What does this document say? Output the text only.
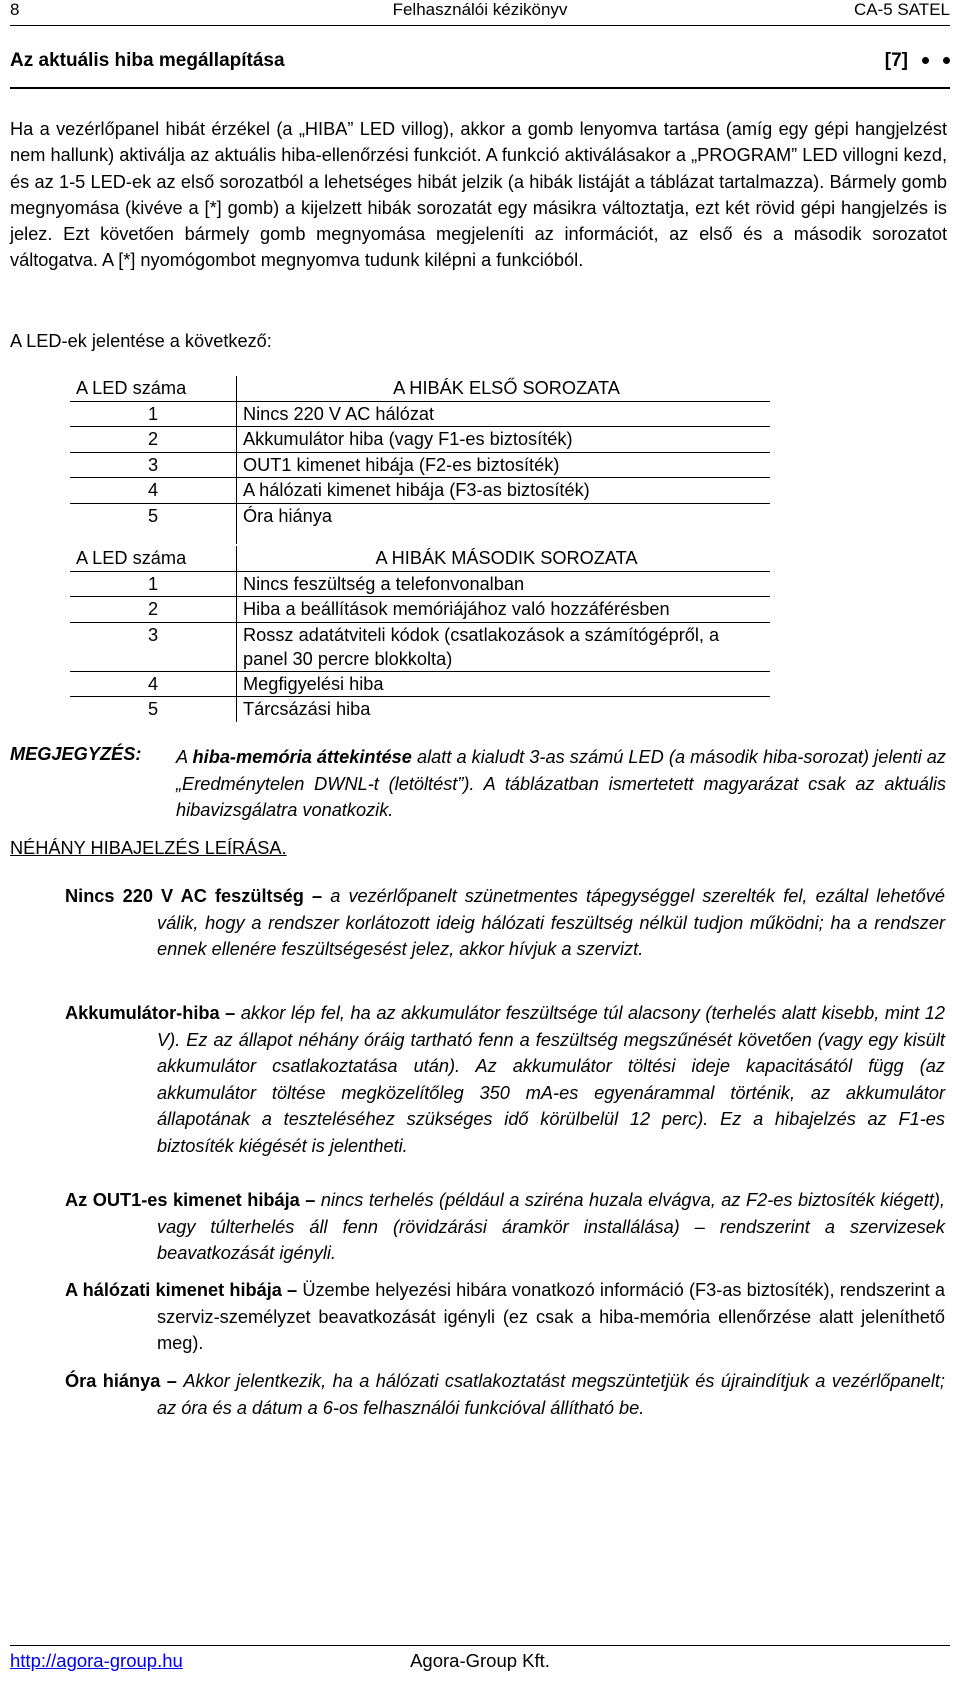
8	Felhasználói kézikönyv	CA-5 SATEL
Az aktuális hiba megállapítása	[7]
Ha a vezérlőpanel hibát érzékel (a „HIBA” LED villog), akkor a gomb lenyomva tartása (amíg egy gépi hangjelzést nem hallunk) aktiválja az aktuális hiba-ellenőrzési funkciót. A funkció aktiválásakor a „PROGRAM” LED villogni kezd, és az 1-5 LED-ek az első sorozatból a lehetséges hibát jelzik (a hibák listáját a táblázat tartalmazza). Bármely gomb megnyomása (kivéve a [*] gomb) a kijelzett hibák sorozatát egy másikra változtatja, ezt két rövid gépi hangjelzés is jelez. Ezt követően bármely gomb megnyomása megjeleníti az információt, az első és a második sorozatot váltogatva. A [*] nyomógombot megnyomva tudunk kilépni a funkcióból.
A LED-ek jelentése a következő:
A LED száma	A HIBÁK ELSŐ SOROZATA
1	Nincs 220 V AC hálózat
2	Akkumulátor hiba (vagy F1-es biztosíték)
3	OUT1 kimenet hibája (F2-es biztosíték)
4	A hálózati kimenet hibája (F3-as biztosíték)
5	Óra hiánya
A LED száma	A HIBÁK MÁSODIK SOROZATA
1	Nincs feszültség a telefonvonalban
2	Hiba a beállítások memóriájához való hozzáférésben
3	Rossz adatátviteli kódok (csatlakozások a számítógépről, a
panel 30 percre blokkolta)
4	Megfigyelési hiba
5	Tárcsázási hiba
MEGJEGYZÉS: A hiba-memória áttekintése alatt a kialudt 3-as számú LED (a második hiba-sorozat) jelenti az „Eredménytelen DWNL-t (letöltést”). A táblázatban ismertetett magyarázat csak az aktuális hibavizsgálatra vonatkozik.
NÉHÁNY HIBAJELZÉS LEÍRÁSA.
Nincs 220 V AC feszültség – a vezérlőpanelt szünetmentes tápegységgel szerelték fel, ezáltal lehetővé válik, hogy a rendszer korlátozott ideig hálózati feszültség nélkül tudjon működni; ha a rendszer ennek ellenére feszültségesést jelez, akkor hívjuk a szervizt.
Akkumulátor-hiba – akkor lép fel, ha az akkumulátor feszültsége túl alacsony (terhelés alatt kisebb, mint 12 V). Ez az állapot néhány óráig tartható fenn a feszültség megszűnését követően (vagy egy kisült akkumulátor csatlakoztatása után). Az akkumulátor töltési ideje kapacitásától függ (az akkumulátor töltése megközelítőleg 350 mA-es egyenárammal történik, az akkumulátor állapotának a teszteléséhez szükséges idő körülbelül 12 perc). Ez a hibajelzés az F1-es biztosíték kiégését is jelentheti.
Az OUT1-es kimenet hibája – nincs terhelés (például a sziréna huzala elvágva, az F2-es biztosíték kiégett), vagy túlterhelés áll fenn (rövidzárási áramkör installálása) – rendszerint a szervizesek beavatkozását igényli.
A hálózati kimenet hibája – Üzembe helyezési hibára vonatkozó információ (F3-as biztosíték), rendszerint a szerviz-személyzet beavatkozását igényli (ez csak a hiba-memória ellenőrzése alatt jeleníthető meg).
Óra hiánya – Akkor jelentkezik, ha a hálózati csatlakoztatást megszüntetjük és újraindítjuk a vezérlőpanelt; az óra és a dátum a 6-os felhasználói funkcióval állítható be.
http://agora-group.hu	Agora-Group Kft.
